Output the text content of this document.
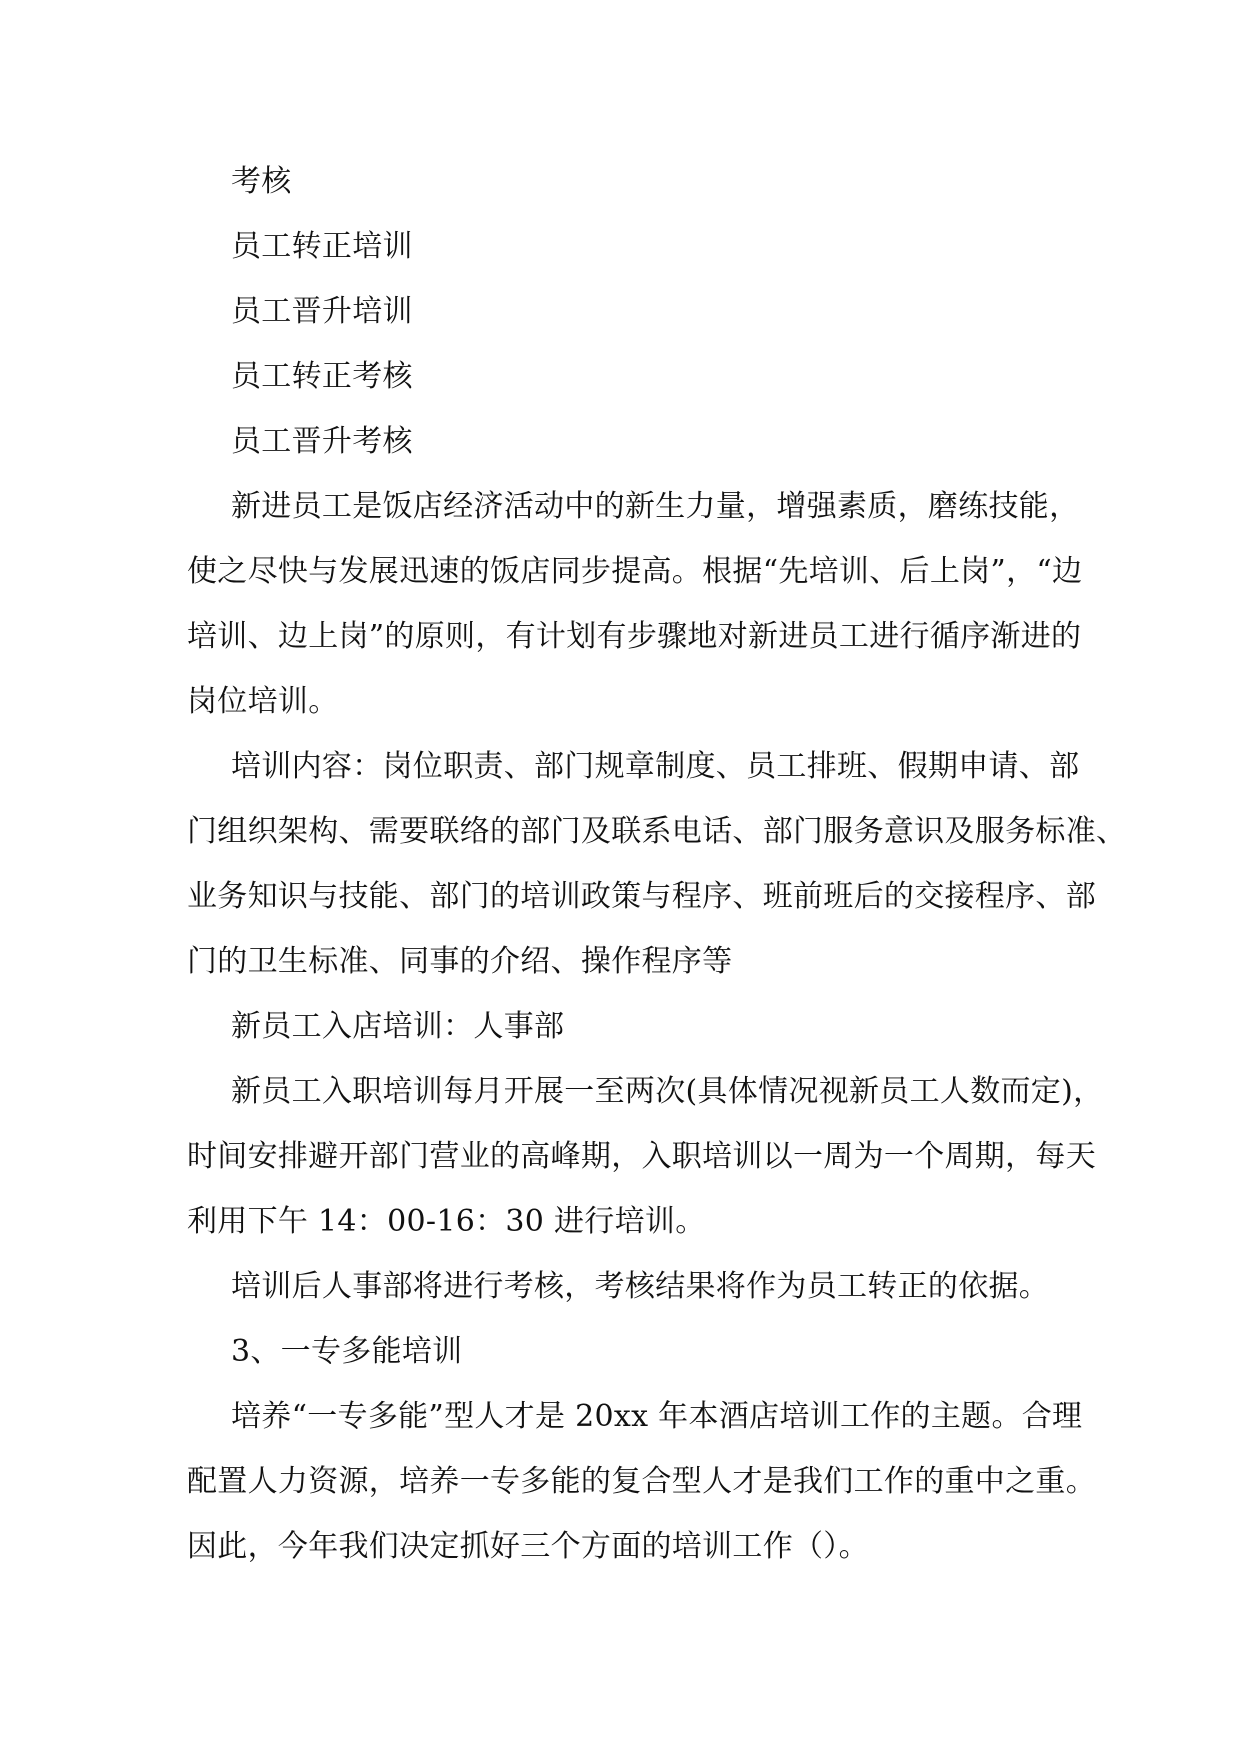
考核
员工转正培训
员工晋升培训
员工转正考核
员工晋升考核
新进员工是饭店经济活动中的新生力量，增强素质，磨练技能，
使之尽快与发展迅速的饭店同步提高。根据“先培训、后上岗”，“边
培训、边上岗”的原则，有计划有步骤地对新进员工进行循序渐进的
岗位培训。
培训内容：岗位职责、部门规章制度、员工排班、假期申请、部
门组织架构、需要联络的部门及联系电话、部门服务意识及服务标准、
业务知识与技能、部门的培训政策与程序、班前班后的交接程序、部
门的卫生标准、同事的介绍、操作程序等
新员工入店培训：人事部
新员工入职培训每月开展一至两次(具体情况视新员工人数而定)，
时间安排避开部门营业的高峰期，入职培训以一周为一个周期，每天
利用下午 14：00-16：30 进行培训。
培训后人事部将进行考核，考核结果将作为员工转正的依据。
3、一专多能培训
培养“一专多能”型人才是 20xx 年本酒店培训工作的主题。合理
配置人力资源，培养一专多能的复合型人才是我们工作的重中之重。
因此，今年我们决定抓好三个方面的培训工作（）。
